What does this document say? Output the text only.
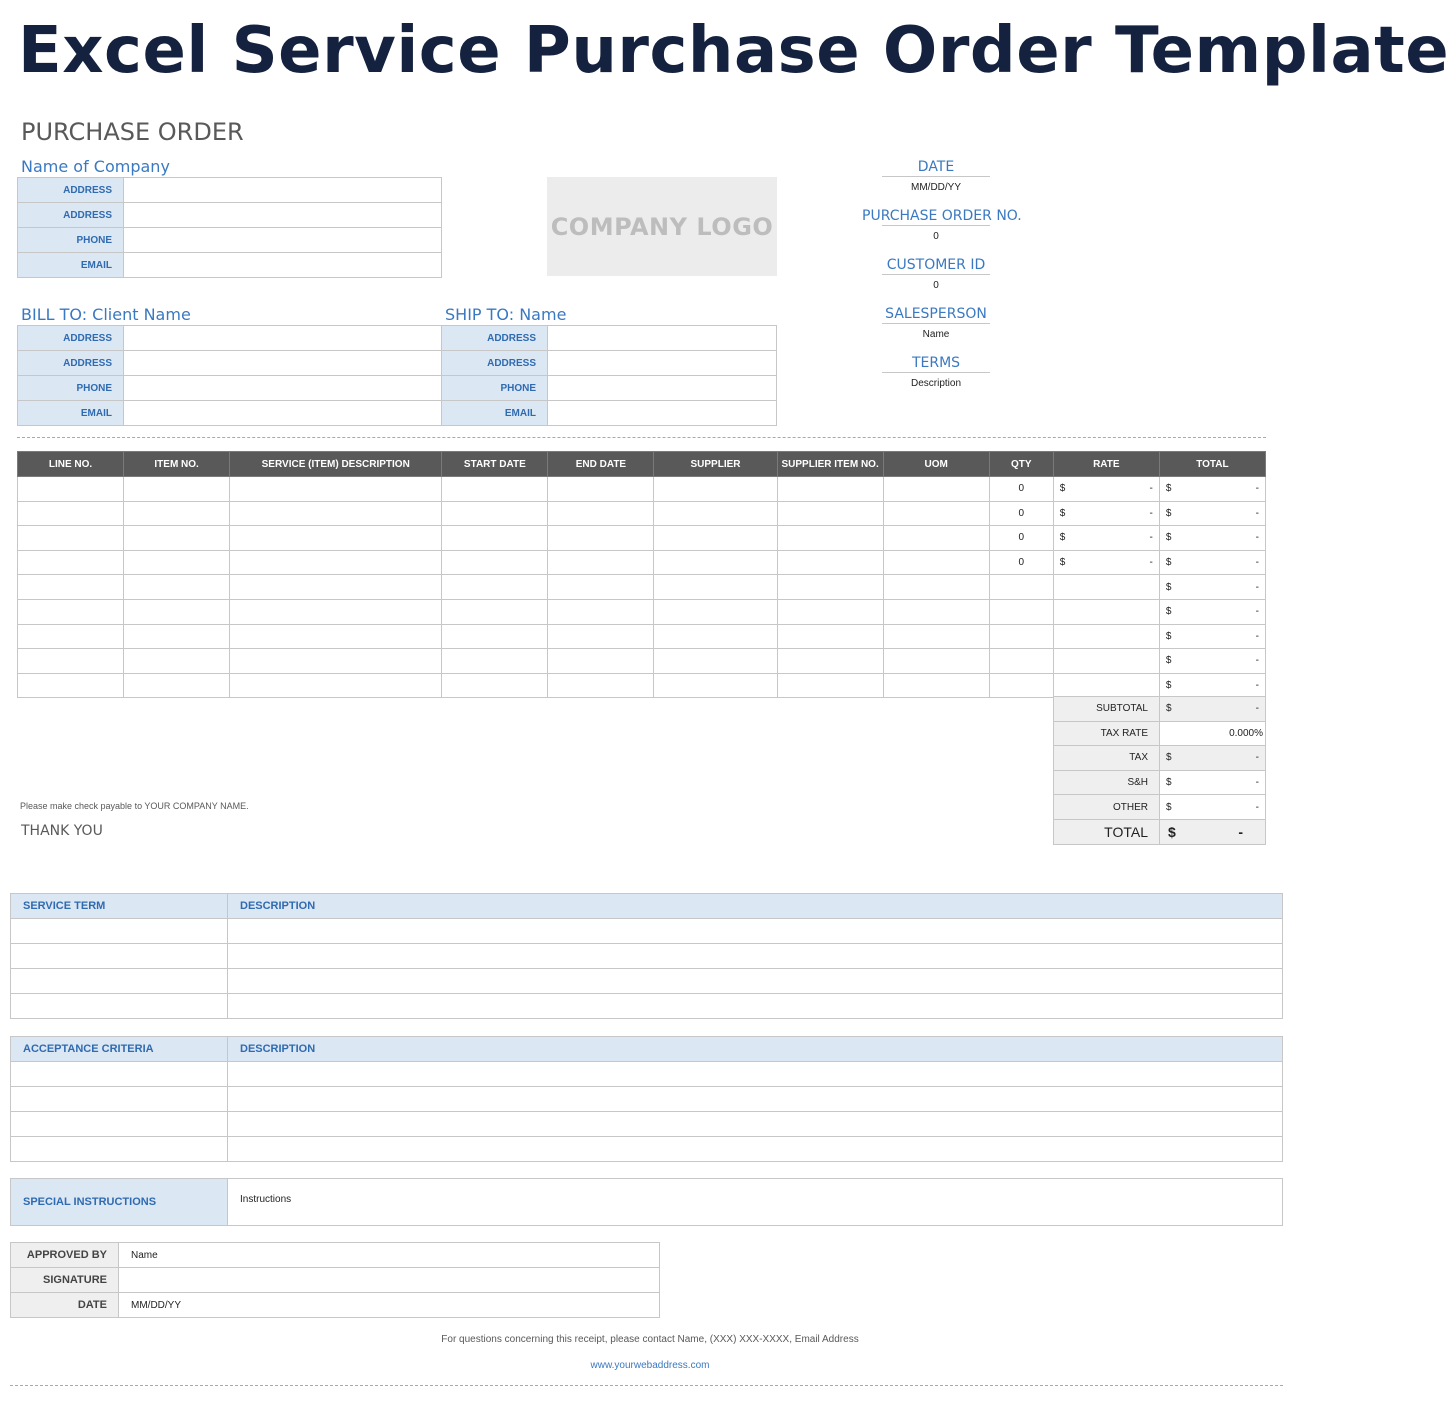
Excel Service Purchase Order Template
PURCHASE ORDER
Name of Company
ADDRESS	
ADDRESS	
PHONE	
EMAIL	
COMPANY LOGO
DATE
MM/DD/YY
PURCHASE ORDER NO.
0
CUSTOMER ID
0
SALESPERSON
Name
TERMS
Description
BILL TO: Client Name
ADDRESS	
ADDRESS	
PHONE	
EMAIL	
SHIP TO: Name
ADDRESS	
ADDRESS	
PHONE	
EMAIL	
LINE NO.	ITEM NO.	SERVICE (ITEM) DESCRIPTION	START DATE	END DATE	SUPPLIER	SUPPLIER ITEM NO.	UOM	QTY	RATE	TOTAL
								0	$ -	$ -

								0	$ -	$ -

								0	$ -	$ -

								0	$ -	$ -

										$ -

										$ -

										$ -

										$ -

										$ -
SUBTOTAL	$ -

TAX RATE	0.000%
TAX	$ -

S&H	$ -

OTHER	$ -

TOTAL	$ -
Please make check payable to YOUR COMPANY NAME.
THANK YOU
SERVICE TERM	DESCRIPTION

ACCEPTANCE CRITERIA	DESCRIPTION

SPECIAL INSTRUCTIONS	Instructions
APPROVED BY	Name
SIGNATURE	
DATE	MM/DD/YY
For questions concerning this receipt, please contact Name, (XXX) XXX-XXXX, Email Address
www.yourwebaddress.com
